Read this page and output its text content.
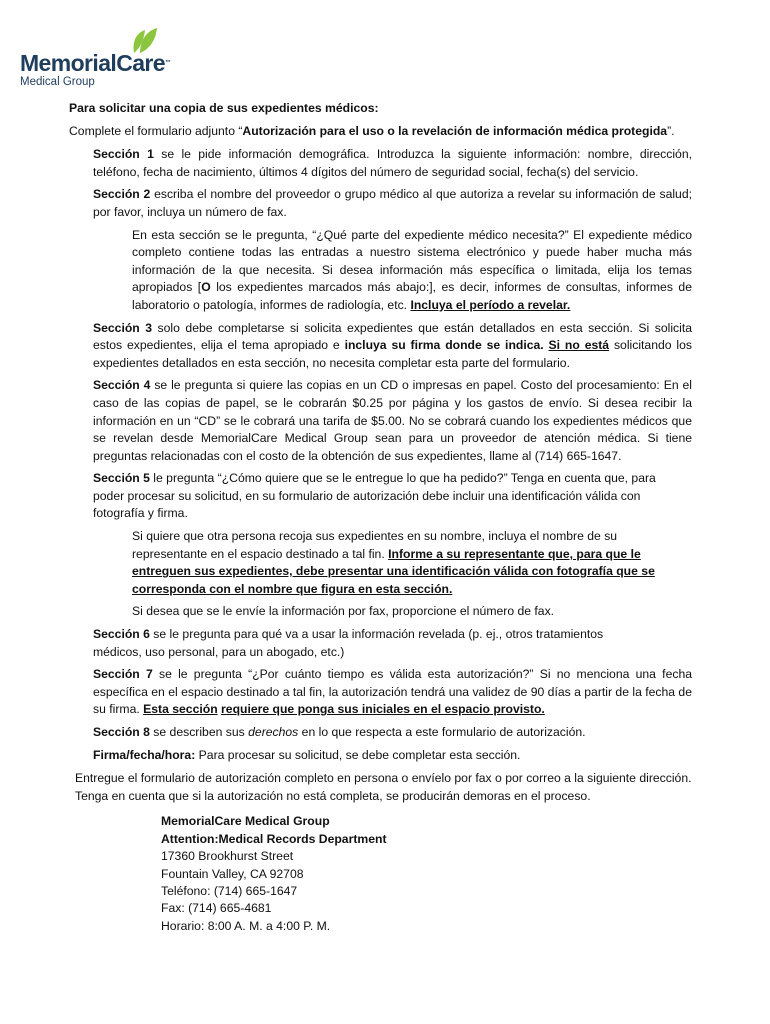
MemorialCare™
Medical Group

Para solicitar una copia de sus expedientes médicos:

Complete el formulario adjunto “Autorización para el uso o la revelación de información médica protegida”.

Sección 1 se le pide información demográfica. Introduzca la siguiente información: nombre, dirección, teléfono, fecha de nacimiento, últimos 4 dígitos del número de seguridad social, fecha(s) del servicio.

Sección 2 escriba el nombre del proveedor o grupo médico al que autoriza a revelar su información de salud; por favor, incluya un número de fax.

En esta sección se le pregunta, “¿Qué parte del expediente médico necesita?” El expediente médico completo contiene todas las entradas a nuestro sistema electrónico y puede haber mucha más información de la que necesita. Si desea información más específica o limitada, elija los temas apropiados [O los expedientes marcados más abajo:], es decir, informes de consultas, informes de laboratorio o patología, informes de radiología, etc. Incluya el período a revelar.

Sección 3 solo debe completarse si solicita expedientes que están detallados en esta sección. Si solicita estos expedientes, elija el tema apropiado e incluya su firma donde se indica. Si no está solicitando los expedientes detallados en esta sección, no necesita completar esta parte del formulario.

Sección 4 se le pregunta si quiere las copias en un CD o impresas en papel. Costo del procesamiento: En el caso de las copias de papel, se le cobrarán $0.25 por página y los gastos de envío. Si desea recibir la información en un “CD” se le cobrará una tarifa de $5.00. No se cobrará cuando los expedientes médicos que se revelan desde MemorialCare Medical Group sean para un proveedor de atención médica. Si tiene preguntas relacionadas con el costo de la obtención de sus expedientes, llame al (714) 665-1647.

Sección 5 le pregunta “¿Cómo quiere que se le entregue lo que ha pedido?” Tenga en cuenta que, para poder procesar su solicitud, en su formulario de autorización debe incluir una identificación válida con fotografía y firma.

Si quiere que otra persona recoja sus expedientes en su nombre, incluya el nombre de su representante en el espacio destinado a tal fin. Informe a su representante que, para que le entreguen sus expedientes, debe presentar una identificación válida con fotografía que se corresponda con el nombre que figura en esta sección.

Si desea que se le envíe la información por fax, proporcione el número de fax.

Sección 6 se le pregunta para qué va a usar la información revelada (p. ej., otros tratamientos médicos, uso personal, para un abogado, etc.)

Sección 7 se le pregunta “¿Por cuánto tiempo es válida esta autorización?” Si no menciona una fecha específica en el espacio destinado a tal fin, la autorización tendrá una validez de 90 días a partir de la fecha de su firma. Esta sección requiere que ponga sus iniciales en el espacio provisto.

Sección 8 se describen sus derechos en lo que respecta a este formulario de autorización.

Firma/fecha/hora: Para procesar su solicitud, se debe completar esta sección.

Entregue el formulario de autorización completo en persona o envíelo por fax o por correo a la siguiente dirección. Tenga en cuenta que si la autorización no está completa, se producirán demoras en el proceso.

MemorialCare Medical Group
Attention:Medical Records Department
17360 Brookhurst Street
Fountain Valley, CA 92708
Teléfono: (714) 665-1647
Fax: (714) 665-4681
Horario: 8:00 A. M. a 4:00 P. M.
